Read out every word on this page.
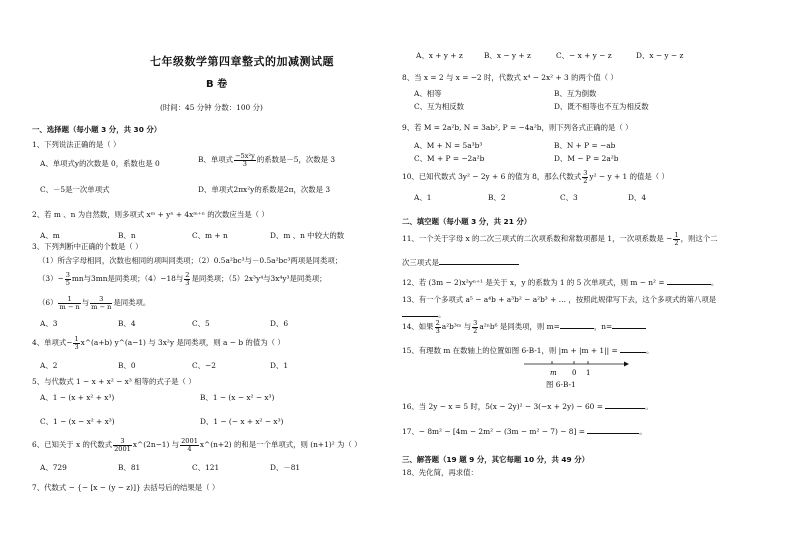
七年级数学第四章整式的加减测试题
B 卷
(时间：45 分钟 分数：100 分)
一、选择题（每小题 3 分，共 30 分）
1、下列说法正确的是（ ）
A、单项式y的次数是 0，系数也是 0	B、单项式 $\frac{\text{−5x²y}}{3}$ 的系数是－5，次数是 3
C、－5是一次单项式	D、单项式2πx²y的系数是2π，次数是 3
2、若 m 、n 为自然数，则多项式 xᵐ + yⁿ + 4xᵐ⁺ⁿ 的次数应当是（ ）
A、m	B、n	C、m + n	D、m 、n 中较大的数
3、下列判断中正确的个数是（ ）
（1）所含字母相同，次数也相同的项叫同类项；（2）0.5a²bc³与－0.5a²bc³两项是同类项；
$(3)- \frac{3}{5}$ mn与3mn是同类项；（4）−18与 $\frac{2}{3}$ 是同类项；（5）2x³y⁴与3x⁴y³是同类项；
$(6) \frac{1}{m - n}$ 与 $\frac{3}{m - n}$ 是同类项。
A、3	B、4	C、5	D、6
4、单项式− $\frac{1}{3}$ x^(a+b) y^(a−1) 与 3x²y 是同类项，则 a − b 的值为（ ）
A、2	B、0	C、−2	D、1
5、与代数式 1 − x + x² − x³ 相等的式子是（ ）
A、1 − (x + x² + x³)	B、1 − (x − x² − x³)
C、1 − (x − x² + x³)	D、1 − (− x + x² − x³)
6、已知关于 x 的代数式 $\frac{3}{2001}$ x^(2n−1) 与 $\frac{2001}{4}$ x^(n+2) 的和是一个单项式，则 (n+1)² 为（ ）
A、729	B、81	C、121	D、－81
7、代数式 − {− [x − (y − z)]} 去括号后的结果是（ ）
A、x + y + z	B、x − y + z	C、− x + y − z	D、x − y − z
8、当 x = 2 与 x = −2 时，代数式 x⁴ − 2x² + 3 的两个值（ ）
A、相等	B、互为倒数
C、互为相反数	D、既不相等也不互为相反数
9、若 M = 2a²b, N = 3ab², P = −4a²b，则下列各式正确的是（ ）
A、M + N = 5a³b³	B、N + P = −ab
C、M + P = −2a²b	D、M − P = 2a²b
10、已知代数式 3y² − 2y + 6 的值为 8，那么代数式 $\frac{3}{2} y^2 - y + 1$ 的值是（ ）
A、1	B、2	C、3	D、4
二、填空题（每小题 3 分，共 21 分）
11、一个关于字母 x 的二次三项式的二次项系数和常数项都是 1，一次项系数是 − $\frac{1}{2}$ ，则这个二
次三项式是
12、若 (3m − 2)x²yⁿ⁺¹ 是关于 x，y 的系数为 1 的 5 次单项式，则 m − n² =	。
13、有一个多项式 a⁵ − a⁴b + a³b² − a²b³ + … ，按照此规律写下去，这个多项式的第八项是
。
14、如果 $\frac{2}{3}$ a²b³ᵐ 与 $\frac{3}{2} a^{2n}b^6$ 是同类项，则 m=	，n=
15、有理数 m 在数轴上的位置如图 6-B-1，则 |m + |m + 1|| =	。
m 0 1
图 6-B-1
16、当 2y − x = 5 时，5(x − 2y)² − 3(−x + 2y) − 60 =	。
17、− 8m² − [4m − 2m² − (3m − m² − 7) − 8] =	。
三、解答题（19 题 9 分，其它每题 10 分，共 49 分）
18、先化简，再求值：
